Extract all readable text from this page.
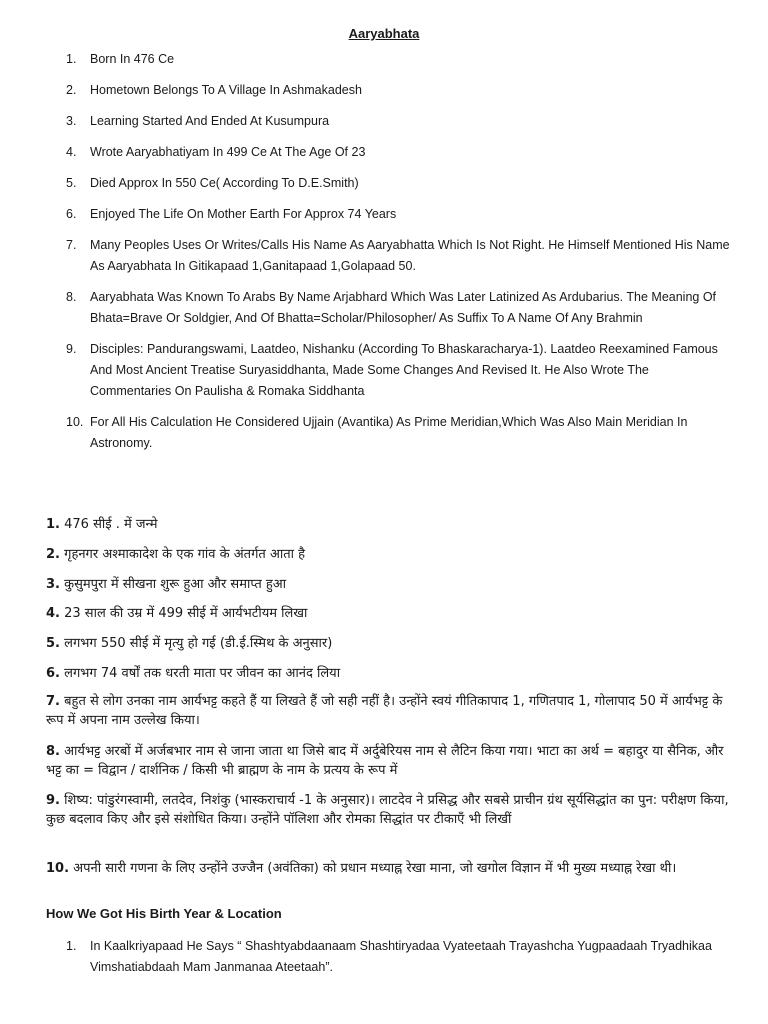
Aaryabhata
1. Born In 476 Ce
2. Hometown Belongs To A Village In Ashmakadesh
3. Learning Started And Ended At Kusumpura
4. Wrote Aaryabhatiyam In 499 Ce At The Age Of 23
5. Died Approx In 550 Ce( According To D.E.Smith)
6. Enjoyed The Life On Mother Earth For Approx 74 Years
7. Many Peoples Uses Or Writes/Calls His Name As Aaryabhatta Which Is Not Right. He Himself Mentioned His Name As Aaryabhata In Gitikapaad 1,Ganitapaad 1,Golapaad 50.
8. Aaryabhata Was Known To Arabs By Name Arjabhard Which Was Later Latinized As Ardubarius. The Meaning Of Bhata=Brave Or Soldgier, And Of Bhatta=Scholar/Philosopher/ As Suffix To A Name Of Any Brahmin
9. Disciples: Pandurangswami, Laatdeo, Nishanku (According To Bhaskaracharya-1). Laatdeo Reexamined Famous And Most Ancient Treatise Suryasiddhanta, Made Some Changes And Revised It. He Also Wrote The Commentaries On Paulisha & Romaka Siddhanta
10. For All His Calculation He Considered Ujjain (Avantika) As Prime Meridian,Which Was Also Main Meridian In Astronomy.
1. 476 सीई . में जन्मे
2. गृहनगर अश्माकादेश के एक गांव के अंतर्गत आता है
3. कुसुमपुरा में सीखना शुरू हुआ और समाप्त हुआ
4. 23 साल की उम्र में 499 सीई में आर्यभटीयम लिखा
5. लगभग 550 सीई में मृत्यु हो गई (डी.ई.स्मिथ के अनुसार)
6. लगभग 74 वर्षों तक धरती माता पर जीवन का आनंद लिया
7. बहुत से लोग उनका नाम आर्यभट्ट कहते हैं या लिखते हैं जो सही नहीं है। उन्होंने स्वयं गीतिकापाद 1, गणितपाद 1, गोलापाद 50 में आर्यभट्ट के रूप में अपना नाम उल्लेख किया।
8. आर्यभट्ट अरबों में अर्जबभार नाम से जाना जाता था जिसे बाद में अर्दुबेरियस नाम से लैटिन किया गया। भाटा का अर्थ = बहादुर या सैनिक, और भट्ट का = विद्वान / दार्शनिक / किसी भी ब्राह्मण के नाम के प्रत्यय के रूप में
9. शिष्य: पांडुरंगस्वामी, लतदेव, निशंकु (भास्कराचार्य -1 के अनुसार)। लाटदेव ने प्रसिद्ध और सबसे प्राचीन ग्रंथ सूर्यसिद्धांत का पुन: परीक्षण किया, कुछ बदलाव किए और इसे संशोधित किया। उन्होंने पॉलिशा और रोमका सिद्धांत पर टीकाएँ भी लिखीं
10. अपनी सारी गणना के लिए उन्होंने उज्जैन (अवंतिका) को प्रधान मध्याह्न रेखा माना, जो खगोल विज्ञान में भी मुख्य मध्याह्न रेखा थी।
How We Got His Birth Year & Location
1. In Kaalkriyapaad He Says “ Shashtyabdaanaam Shashtiryadaa Vyateetaah Trayashcha Yugpaadaah Tryadhikaa Vimshatiabdaah Mam Janmanaa Ateetaah”.
